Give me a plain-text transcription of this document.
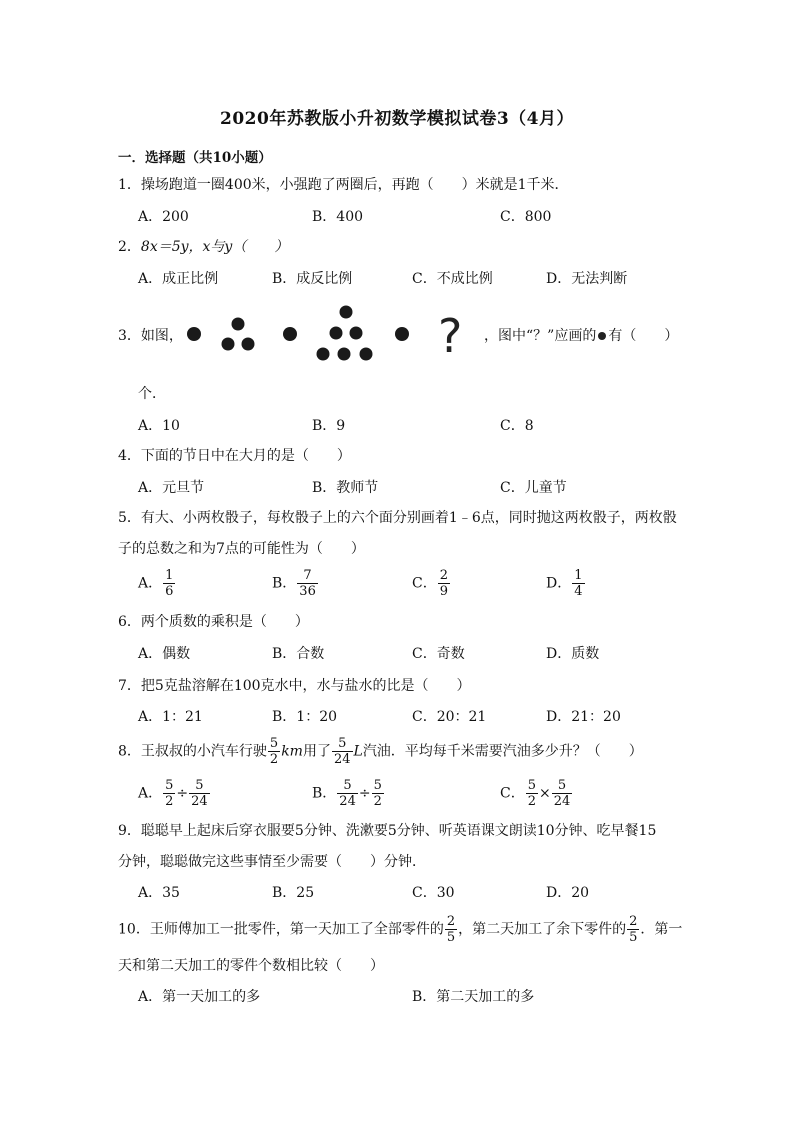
2020年苏教版小升初数学模拟试卷3（4月）
一．选择题（共10小题）
1．操场跑道一圈400米，小强跑了两圈后，再跑（　　）米就是1千米．
A．200	B．400	C．800
2．8x＝5y，x与y（　　）
A．成正比例	B．成反比例	C．不成比例	D．无法判断
3．如图，	? ，图中“？”应画的 有（　　）
个．
A．10	B．9	C．8
4．下面的节日中在大月的是（　　）
A．元旦节	B．教师节	C．儿童节
5．有大、小两枚骰子，每枚骰子上的六个面分别画着1﹣6点，同时抛这两枚骰子，两枚骰
子的总数之和为7点的可能性为（　　）
A． $\frac{1}{6}$	B． $\frac{7}{36}$	C． $\frac{2}{9}$	D． $\frac{1}{4}$
6．两个质数的乘积是（　　）
A．偶数	B．合数	C．奇数	D．质数
7．把5克盐溶解在100克水中，水与盐水的比是（　　）
A．1：21	B．1：20	C．20：21	D．21：20
8．王叔叔的小汽车行驶 $\frac{5}{2}$ km用了 $\frac{5}{24}$ L汽油．平均每千米需要汽油多少升？（　　）
A． $\frac{5}{2} \div \frac{5}{24}$	B． $\frac{5}{24} \div \frac{5}{2}$	C． $\frac{5}{2} \times \frac{5}{24}$
9．聪聪早上起床后穿衣服要5分钟、洗漱要5分钟、听英语课文朗读10分钟、吃早餐15
分钟，聪聪做完这些事情至少需要（　　）分钟．
A．35	B．25	C．30	D．20
10．王师傅加工一批零件，第一天加工了全部零件的 $\frac{2}{5}$ ，第二天加工了余下零件的 $\frac{2}{5}$ ．第一
天和第二天加工的零件个数相比较（　　）
A．第一天加工的多	B．第二天加工的多
